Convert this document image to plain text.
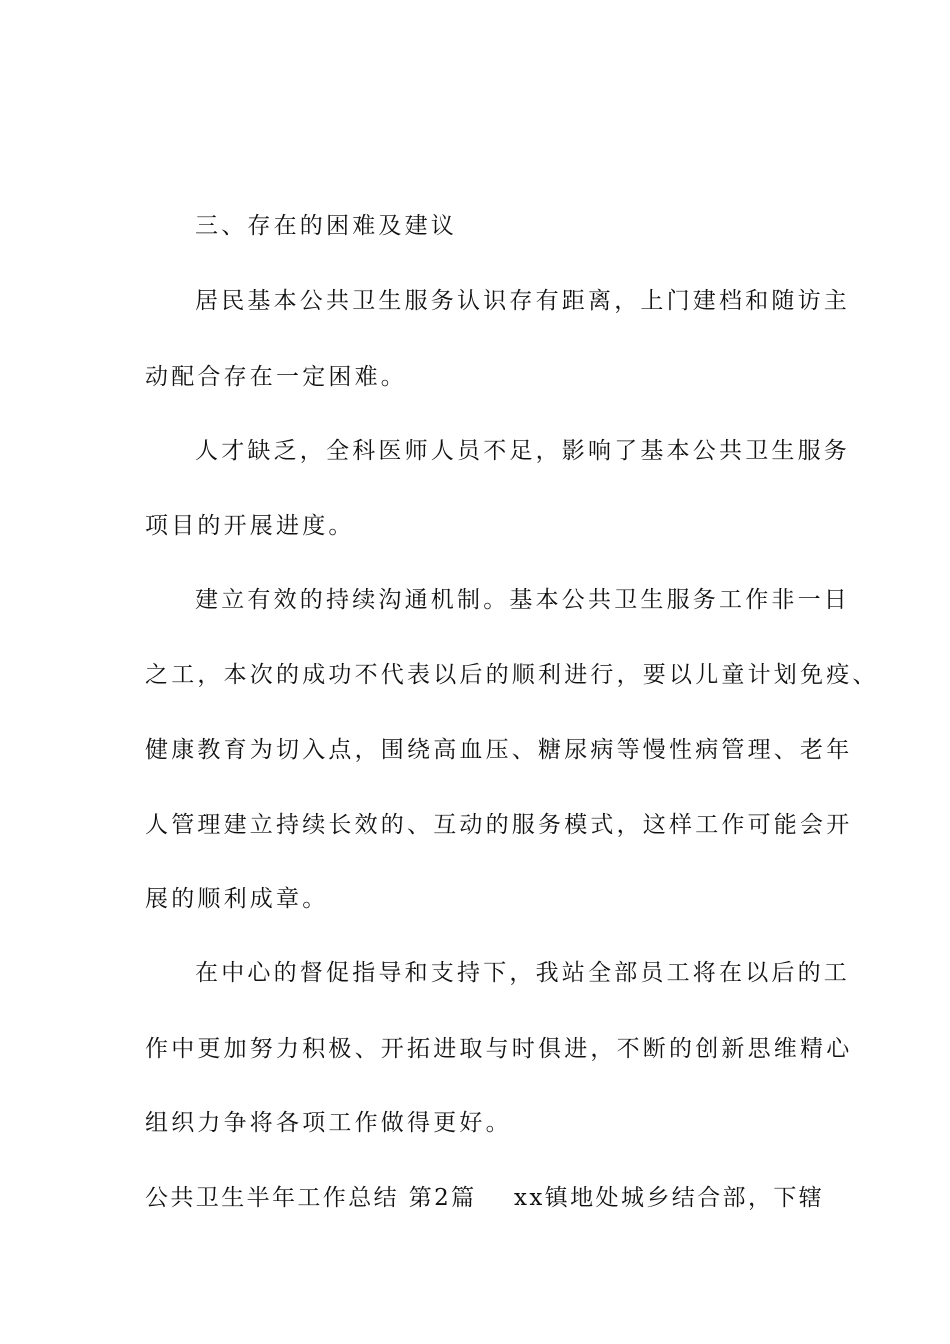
三、存在的困难及建议
居民基本公共卫生服务认识存有距离，上门建档和随访主
动配合存在一定困难。
人才缺乏，全科医师人员不足，影响了基本公共卫生服务
项目的开展进度。
建立有效的持续沟通机制。基本公共卫生服务工作非一日
之工，本次的成功不代表以后的顺利进行，要以儿童计划免疫、
健康教育为切入点，围绕高血压、糖尿病等慢性病管理、老年
人管理建立持续长效的、互动的服务模式，这样工作可能会开
展的顺利成章。
在中心的督促指导和支持下，我站全部员工将在以后的工
作中更加努力积极、开拓进取与时俱进，不断的创新思维精心
组织力争将各项工作做得更好。
公共卫生半年工作总结 第2篇 xx镇地处城乡结合部，下辖
